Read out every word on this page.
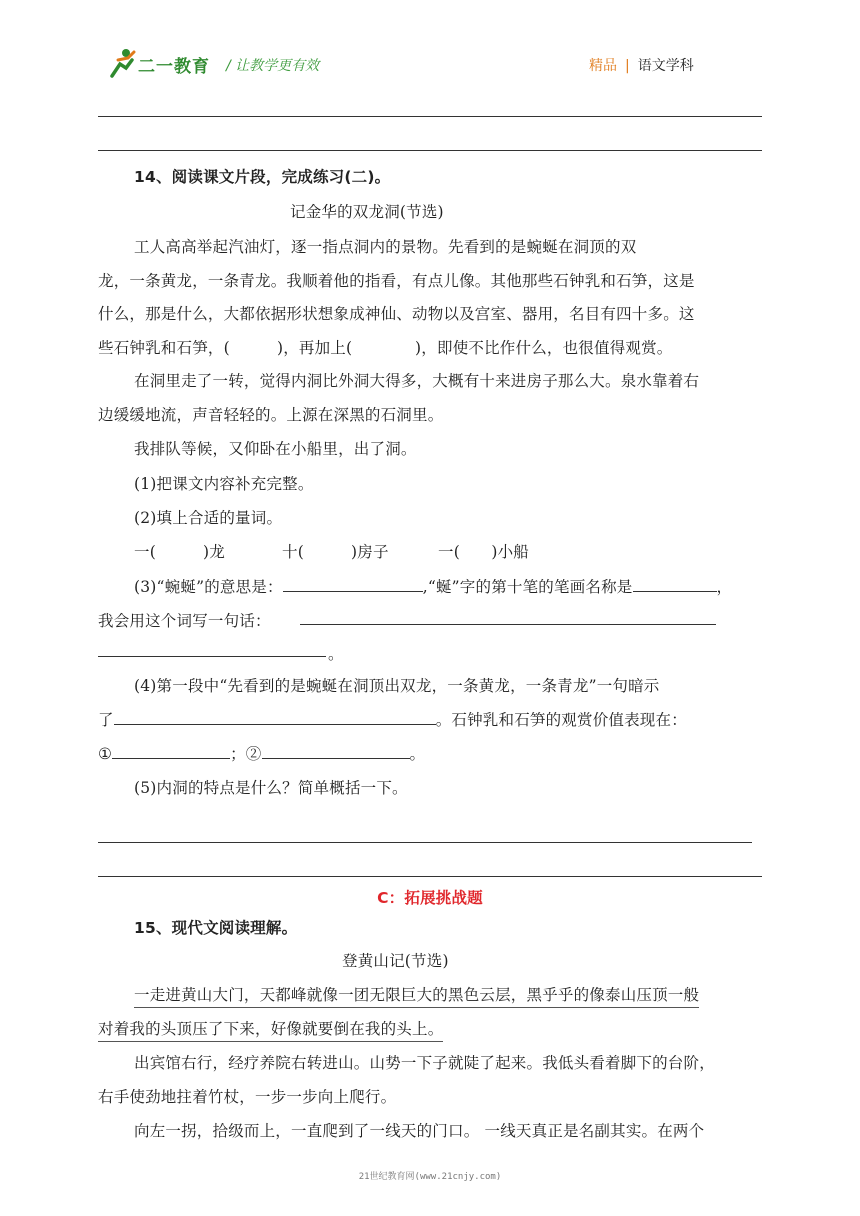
二一教育 / 让教学更有效	精品 | 语文学科
14、阅读课文片段，完成练习(二)。
记金华的双龙洞(节选)
工人高高举起汽油灯，逐一指点洞内的景物。先看到的是蜿蜒在洞顶的双
龙，一条黄龙，一条青龙。我顺着他的指看，有点儿像。其他那些石钟乳和石笋，这是
什么，那是什么，大都依据形状想象成神仙、动物以及宫室、器用，名目有四十多。这
些石钟乳和石笋，(　　　)，再加上(　　　　)，即使不比作什么，也很值得观赏。
在洞里走了一转，觉得内洞比外洞大得多，大概有十来进房子那么大。泉水靠着右
边缓缓地流，声音轻轻的。上源在深黑的石洞里。
我排队等候，又仰卧在小船里，出了洞。
(1)把课文内容补充完整。
(2)填上合适的量词。
一(　　　)龙	十(　　　)房子	一(　　)小船
(3)“蜿蜒”的意思是：	,“蜒”字的第十笔的笔画名称是	，
我会用这个词写一句话：
。
(4)第一段中“先看到的是蜿蜒在洞顶出双龙，一条黄龙，一条青龙”一句暗示
了	。石钟乳和石笋的观赏价值表现在：
①	；②	。
(5)内洞的特点是什么？简单概括一下。
C：拓展挑战题
15、现代文阅读理解。
登黄山记(节选)
一走进黄山大门，天都峰就像一团无限巨大的黑色云层，黑乎乎的像泰山压顶一般
对着我的头顶压了下来，好像就要倒在我的头上。
出宾馆右行，经疗养院右转进山。山势一下子就陡了起来。我低头看着脚下的台阶，
右手使劲地拄着竹杖，一步一步向上爬行。
向左一拐，拾级而上，一直爬到了一线天的门口。 一线天真正是名副其实。在两个
21世纪教育网(www.21cnjy.com)
